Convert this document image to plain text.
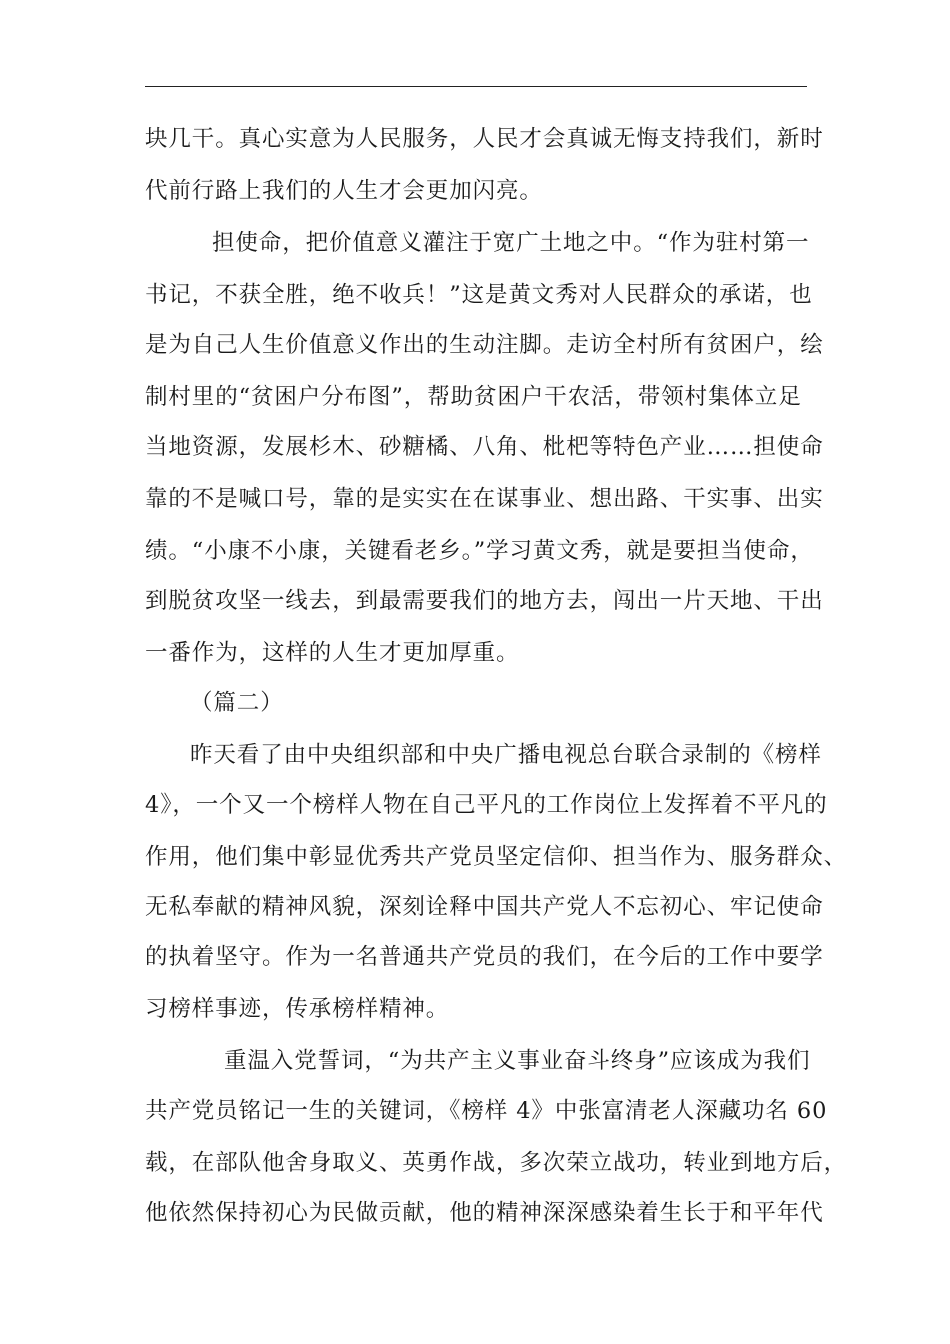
块几干。真心实意为人民服务，人民才会真诚无悔支持我们，新时
代前行路上我们的人生才会更加闪亮。
担使命，把价值意义灌注于宽广土地之中。“作为驻村第一
书记，不获全胜，绝不收兵！”这是黄文秀对人民群众的承诺，也
是为自己人生价值意义作出的生动注脚。走访全村所有贫困户，绘
制村里的“贫困户分布图”，帮助贫困户干农活，带领村集体立足
当地资源，发展杉木、砂糖橘、八角、枇杷等特色产业……担使命
靠的不是喊口号，靠的是实实在在谋事业、想出路、干实事、出实
绩。“小康不小康，关键看老乡。”学习黄文秀，就是要担当使命，
到脱贫攻坚一线去，到最需要我们的地方去，闯出一片天地、干出
一番作为，这样的人生才更加厚重。
（篇二）
昨天看了由中央组织部和中央广播电视总台联合录制的《榜样
4》，一个又一个榜样人物在自己平凡的工作岗位上发挥着不平凡的
作用，他们集中彰显优秀共产党员坚定信仰、担当作为、服务群众、
无私奉献的精神风貌，深刻诠释中国共产党人不忘初心、牢记使命
的执着坚守。作为一名普通共产党员的我们，在今后的工作中要学
习榜样事迹，传承榜样精神。
重温入党誓词，“为共产主义事业奋斗终身”应该成为我们
共产党员铭记一生的关键词，《榜样 4》中张富清老人深藏功名 60
载，在部队他舍身取义、英勇作战，多次荣立战功，转业到地方后，
他依然保持初心为民做贡献，他的精神深深感染着生长于和平年代
